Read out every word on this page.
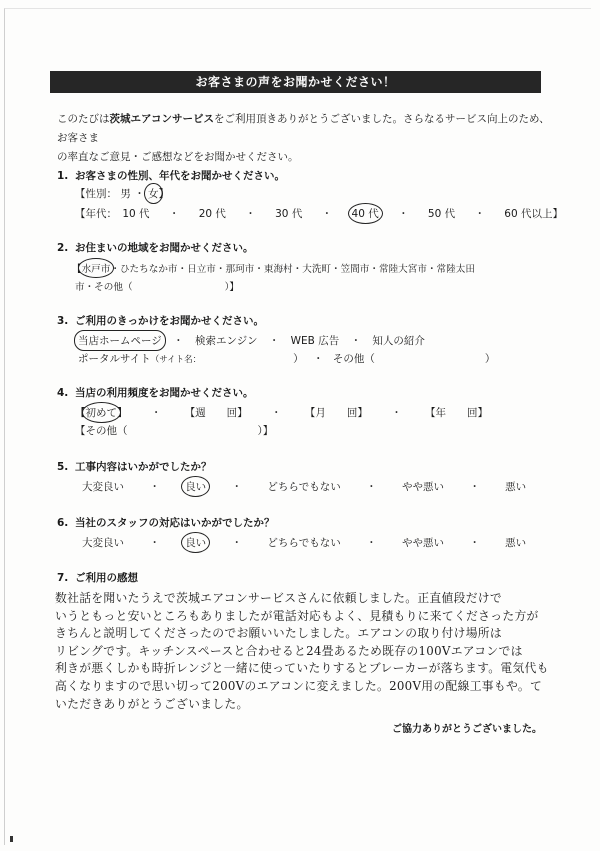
お客さまの声をお聞かせください！
このたびは茨城エアコンサービスをご利用頂きありがとうございました。さらなるサービス向上のため、お客さま
の率直なご意見・ご感想などをお聞かせください。
1. お客さまの性別、年代をお聞かせください。
【性別： 男 ・ 女】
【年代： 10 代 ・ 20 代 ・ 30 代 ・ 40 代 ・ 50 代 ・ 60 代以上】
2. お住まいの地域をお聞かせください。
【水戸市・ひたちなか市・日立市・那珂市・東海村・大洗町・笠間市・常陸大宮市・常陸太田
市・その他（	）】
3. ご利用のきっかけをお聞かせください。
当店ホームページ ・ 検索エンジン ・ WEB 広告 ・ 知人の紹介
ポータルサイト（サイト名：	） ・ その他（	）
4. 当店の利用頻度をお聞かせください。
【初めて】 ・ 【週　　回】 ・ 【月　　回】 ・ 【年　　回】
【その他（	）】
5. 工事内容はいかがでしたか？
大変良い ・ 良い ・ どちらでもない ・ やや悪い ・ 悪い
6. 当社のスタッフの対応はいかがでしたか？
大変良い ・ 良い ・ どちらでもない ・ やや悪い ・ 悪い
7. ご利用の感想
数社話を聞いたうえで茨城エアコンサービスさんに依頼しました。正直値段だけで
いうともっと安いところもありましたが電話対応もよく、見積もりに来てくださった方が
きちんと説明してくださったのでお願いいたしました。エアコンの取り付け場所は
リビングです。キッチンスペースと合わせると24畳あるため既存の100Vエアコンでは
利きが悪くしかも時折レンジと一緒に使っていたりするとブレーカーが落ちます。電気代も
高くなりますので思い切って200Vのエアコンに変えました。200V用の配線工事もや。て
いただきありがとうございました。
ご協力ありがとうございました。
